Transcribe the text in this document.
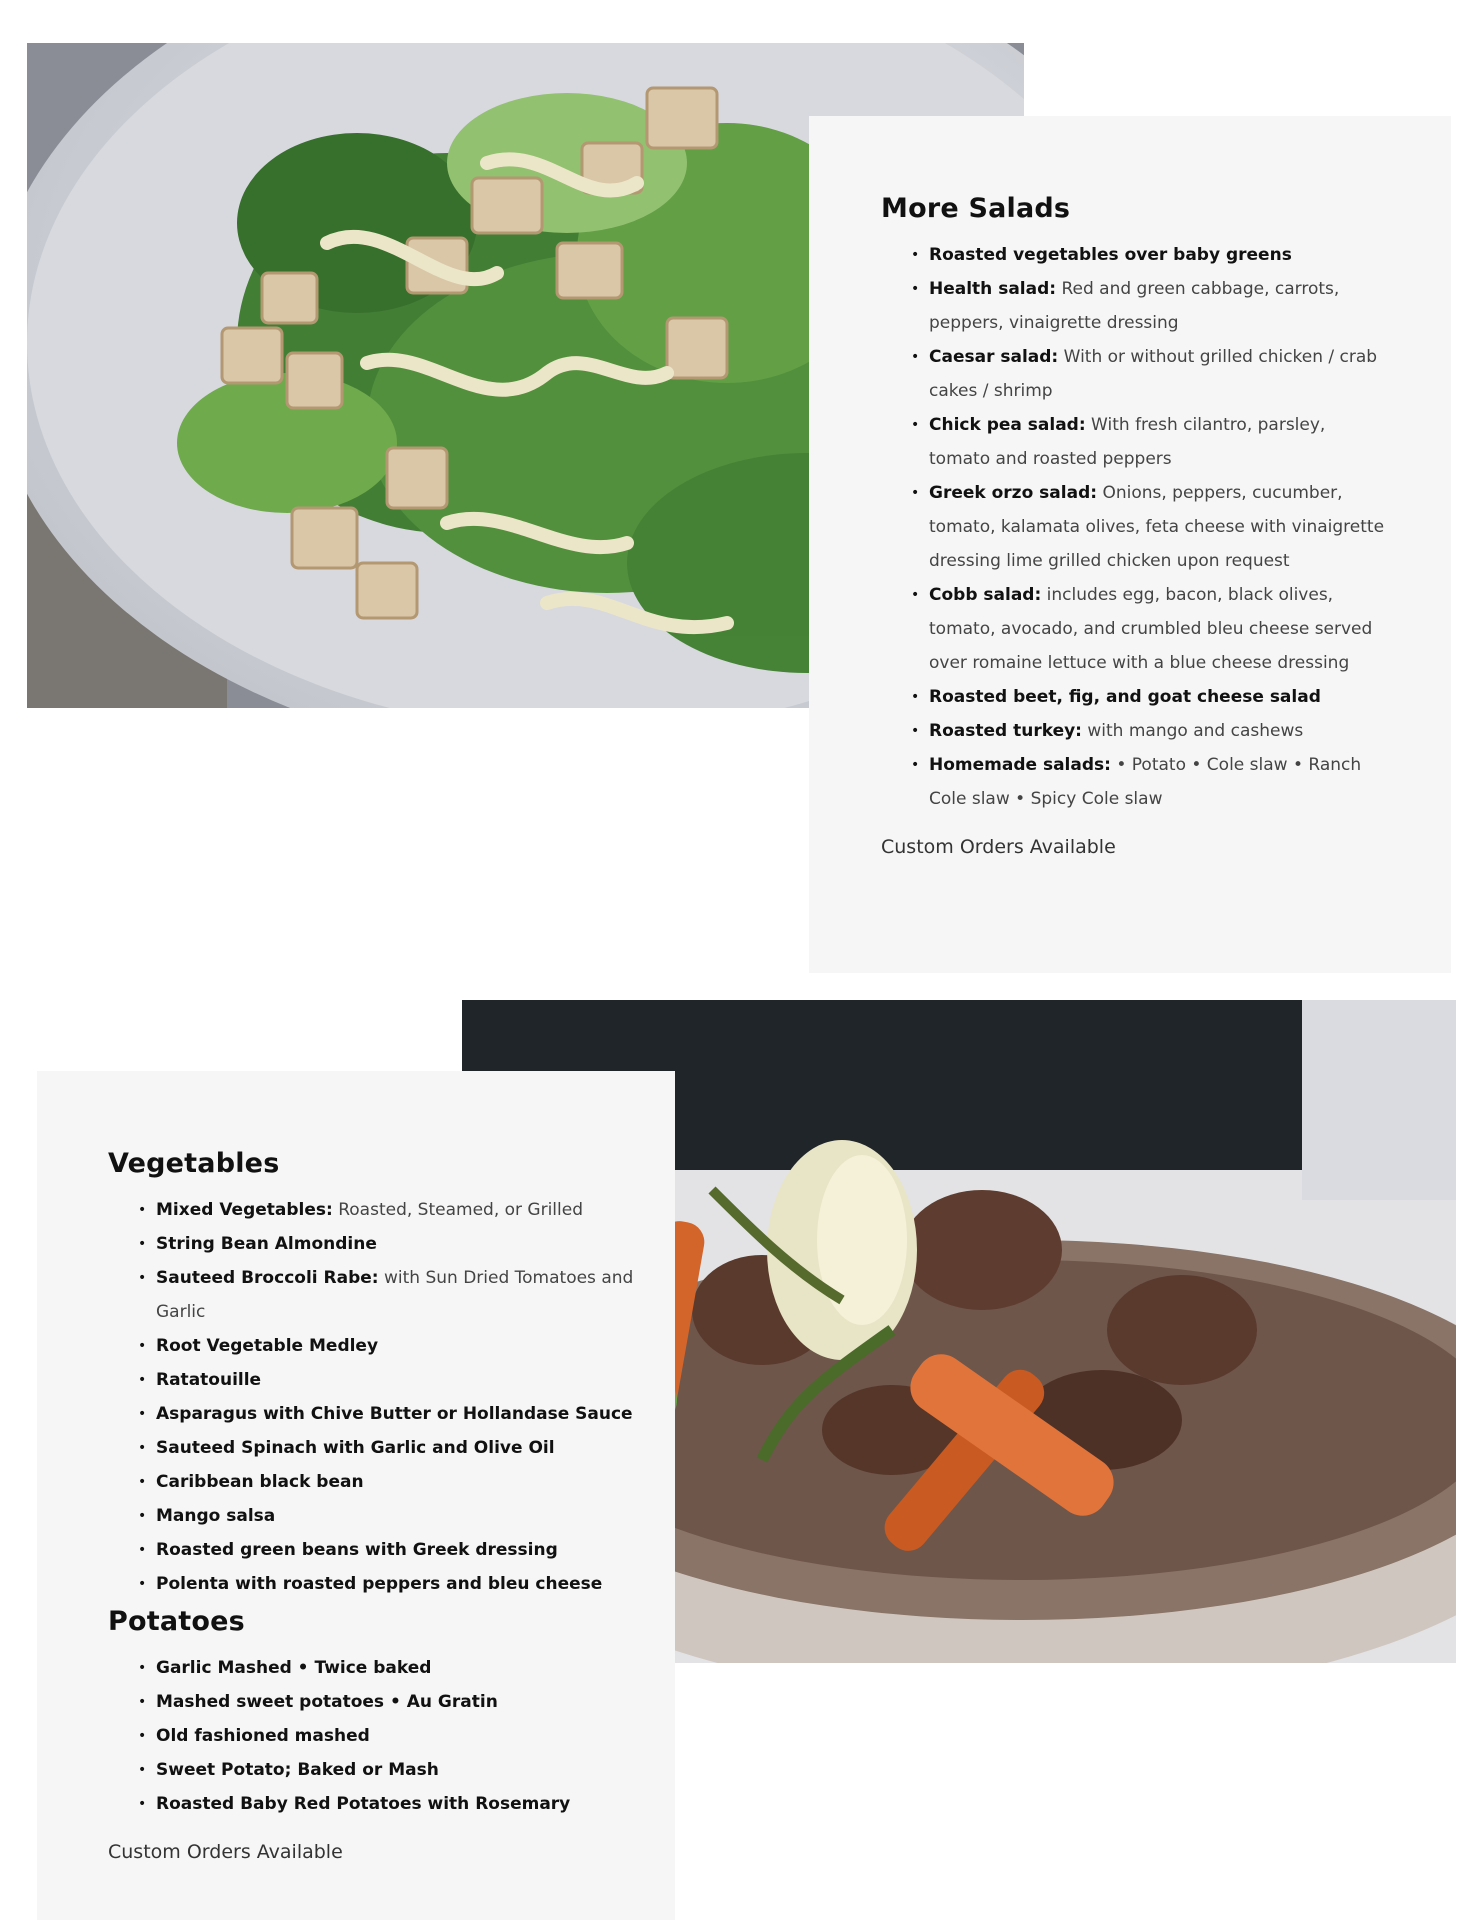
More Salads
• Roasted vegetables over baby greens
• Health salad: Red and green cabbage, carrots, peppers, vinaigrette dressing
• Caesar salad: With or without grilled chicken / crab cakes / shrimp
• Chick pea salad: With fresh cilantro, parsley, tomato and roasted peppers
• Greek orzo salad: Onions, peppers, cucumber, tomato, kalamata olives, feta cheese with vinaigrette dressing lime grilled chicken upon request
• Cobb salad: includes egg, bacon, black olives, tomato, avocado, and crumbled bleu cheese served over romaine lettuce with a blue cheese dressing
• Roasted beet, fig, and goat cheese salad
• Roasted turkey: with mango and cashews
• Homemade salads: • Potato • Cole slaw • Ranch Cole slaw • Spicy Cole slaw
Custom Orders Available
Vegetables
• Mixed Vegetables: Roasted, Steamed, or Grilled
• String Bean Almondine
• Sauteed Broccoli Rabe: with Sun Dried Tomatoes and Garlic
• Root Vegetable Medley
• Ratatouille
• Asparagus with Chive Butter or Hollandase Sauce
• Sauteed Spinach with Garlic and Olive Oil
• Caribbean black bean
• Mango salsa
• Roasted green beans with Greek dressing
• Polenta with roasted peppers and bleu cheese
Potatoes
• Garlic Mashed • Twice baked
• Mashed sweet potatoes • Au Gratin
• Old fashioned mashed
• Sweet Potato; Baked or Mash
• Roasted Baby Red Potatoes with Rosemary
Custom Orders Available
